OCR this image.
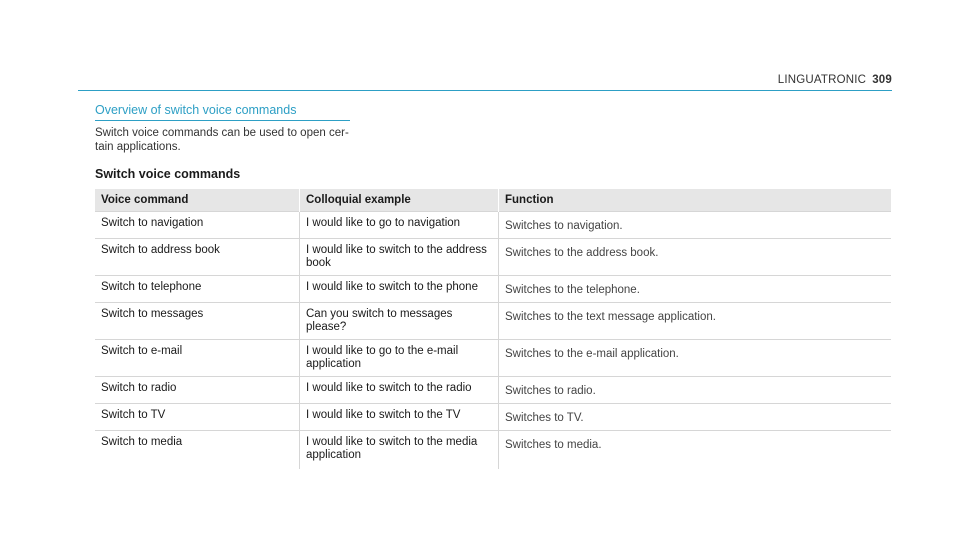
LINGUATRONIC 309
Overview of switch voice commands
Switch voice commands can be used to open cer-
tain applications.
Switch voice commands
Voice command	Colloquial example	Function
Switch to navigation	I would like to go to navigation	Switches to navigation.
Switch to address book	I would like to switch to the address book	Switches to the address book.
Switch to telephone	I would like to switch to the phone	Switches to the telephone.
Switch to messages	Can you switch to messages please?	Switches to the text message application.
Switch to e-mail	I would like to go to the e-mail application	Switches to the e-mail application.
Switch to radio	I would like to switch to the radio	Switches to radio.
Switch to TV	I would like to switch to the TV	Switches to TV.
Switch to media	I would like to switch to the media application	Switches to media.
